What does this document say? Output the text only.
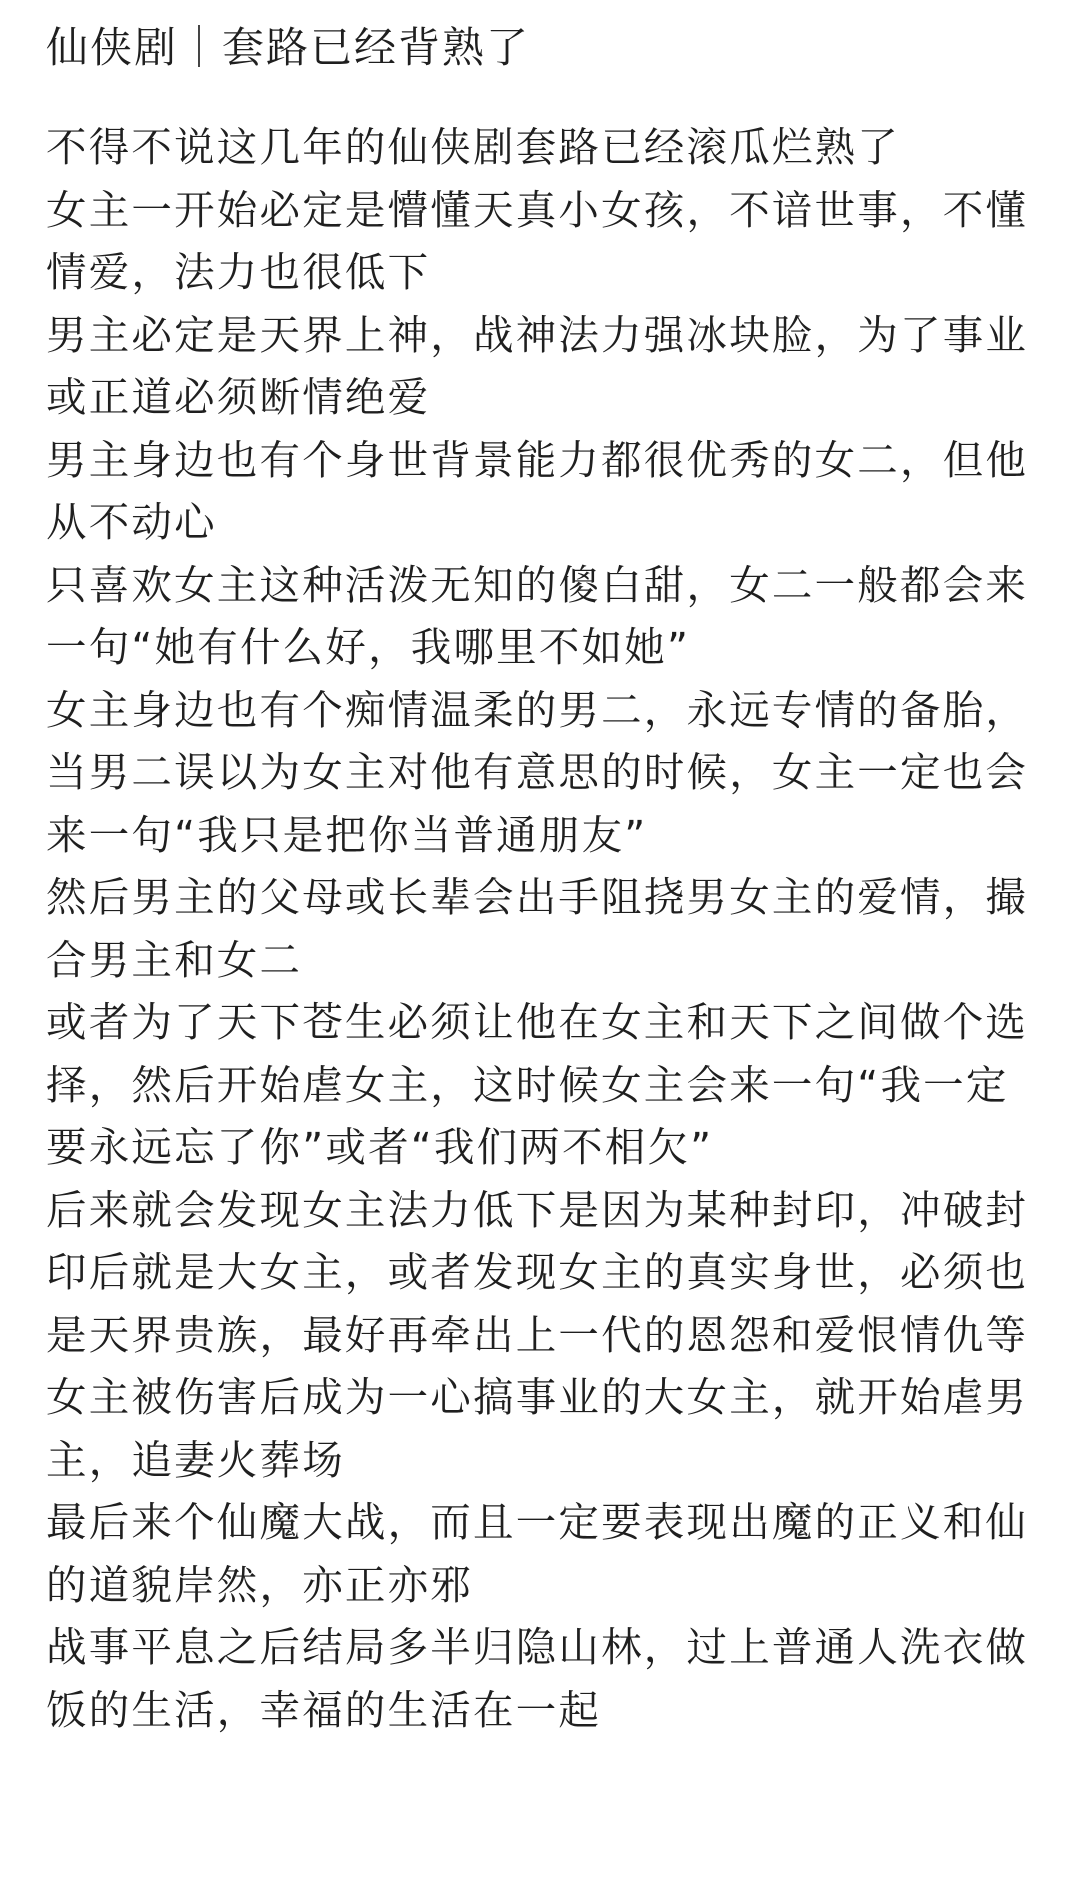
仙侠剧｜套路已经背熟了

不得不说这几年的仙侠剧套路已经滚瓜烂熟了

女主一开始必定是懵懂天真小女孩，不谙世事，不懂情爱，法力也很低下

男主必定是天界上神，战神法力强冰块脸，为了事业或正道必须断情绝爱

男主身边也有个身世背景能力都很优秀的女二，但他从不动心

只喜欢女主这种活泼无知的傻白甜，女二一般都会来一句“她有什么好，我哪里不如她”

女主身边也有个痴情温柔的男二，永远专情的备胎，当男二误以为女主对他有意思的时候，女主一定也会来一句“我只是把你当普通朋友”

然后男主的父母或长辈会出手阻挠男女主的爱情，撮合男主和女二

或者为了天下苍生必须让他在女主和天下之间做个选择，然后开始虐女主，这时候女主会来一句“我一定要永远忘了你”或者“我们两不相欠”

后来就会发现女主法力低下是因为某种封印，冲破封印后就是大女主，或者发现女主的真实身世，必须也是天界贵族，最好再牵出上一代的恩怨和爱恨情仇等女主被伤害后成为一心搞事业的大女主，就开始虐男主，追妻火葬场

最后来个仙魔大战，而且一定要表现出魔的正义和仙的道貌岸然，亦正亦邪

战事平息之后结局多半归隐山林，过上普通人洗衣做饭的生活，幸福的生活在一起
